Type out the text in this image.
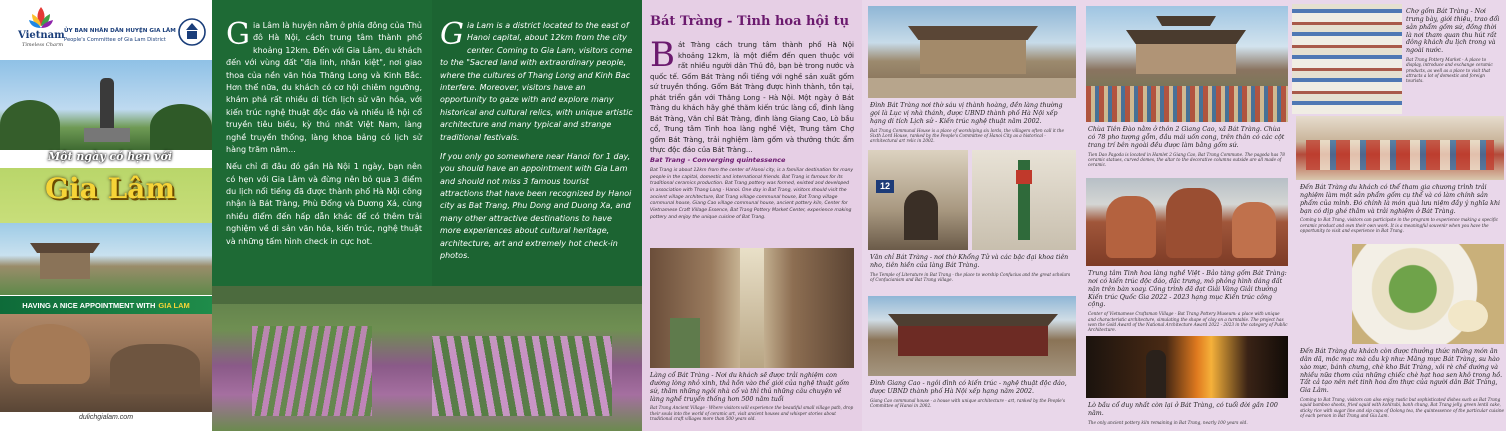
Vietnam
Timeless Charm
ỦY BAN NHÂN DÂN HUYỆN GIA LÂM
People's Committee of Gia Lam District
Một ngày có hẹn với
Gia Lâm
HAVING A NICE APPOINTMENT WITH GIA LAM
dulichgialam.com
Gia Lâm là huyện nằm ở phía đông của Thủ đô Hà Nội, cách trung tâm thành phố khoảng 12km. Đến với Gia Lâm, du khách đến với vùng đất "địa linh, nhân kiệt", nơi giao thoa của nền văn hóa Thăng Long và Kinh Bắc. Hơn thế nữa, du khách có cơ hội chiêm ngưỡng, khám phá rất nhiều di tích lịch sử văn hóa, với kiến trúc nghệ thuật độc đáo và nhiều lễ hội cổ truyền tiêu biểu, kỳ thú nhất Việt Nam, làng nghề truyền thống, làng khoa bảng có lịch sử hàng trăm năm...
Nếu chỉ đi đâu đó gần Hà Nội 1 ngày, bạn nên có hẹn với Gia Lâm và đừng nên bỏ qua 3 điểm du lịch nổi tiếng đã được thành phố Hà Nội công nhận là Bát Tràng, Phù Đổng và Dương Xá, cùng nhiều điểm đến hấp dẫn khác để có thêm trải nghiệm về di sản văn hóa, kiến trúc, nghệ thuật và những tấm hình check in cực hot.
Gia Lam is a district located to the east of Hanoi capital, about 12km from the city center. Coming to Gia Lam, visitors come to the "Sacred land with extraordinary people, where the cultures of Thang Long and Kinh Bac interfere. Moreover, visitors have an opportunity to gaze with and explore many historical and cultural relics, with unique artistic architecture and many typical and strange traditional festivals.
If you only go somewhere near Hanoi for 1 day, you should have an appointment with Gia Lam and should not miss 3 famous tourist attractions that have been recognized by Hanoi city as Bat Trang, Phu Dong and Duong Xa, and many other attractive destinations to have more experiences about cultural heritage, architecture, art and extremely hot check-in photos.
Bát Tràng - Tinh hoa hội tụ
Bát Tràng cách trung tâm thành phố Hà Nội khoảng 12km, là một điểm đến quen thuộc với rất nhiều người dân Thủ đô, bạn bè trong nước và quốc tế. Gốm Bát Tràng nổi tiếng với nghề sản xuất gốm sứ truyền thống. Gốm Bát Tràng được hình thành, tồn tại, phát triển gắn với Thăng Long - Hà Nội. Một ngày ở Bát Tràng du khách hãy ghé thăm kiến trúc làng cổ, đình làng Bát Tràng, Văn chỉ Bát Tràng, đình làng Giang Cao, Lò bầu cổ, Trung tâm Tinh hoa làng nghề Việt, Trung tâm Chợ gốm Bát Tràng, trải nghiệm làm gốm và thưởng thức ẩm thực độc đáo của Bát Tràng...
Bat Trang - Converging quintessence
Bat Trang is about 12km from the center of Hanoi city, is a familiar destination for many people in the capital, domestic and international friends. Bat Trang is famous for its traditional ceramics production. Bat Trang pottery was formed, existed and developed in association with Thang Long - Hanoi. One day in Bat Trang, visitors should visit the ancient village architecture, Bat Trang village communal house, Bat Trang village communal house, Giang Cao village communal house, ancient pottery kiln, Center for Vietnamese Craft Village Essence, Bat Trang Pottery Market Center, experience making pottery and enjoy the unique cuisine of Bat Trang.
Làng cổ Bát Tràng - Nơi du khách sẽ được trải nghiệm con đường lòng nhỏ xinh, thả hồn vào thế giới của nghệ thuật gốm sứ, thăm những ngôi nhà cổ và thì thủ những câu chuyện về làng nghề truyền thống hơn 500 năm tuổi
Bat Trang Ancient Village - Where visitors will experience the beautiful small village path, drop their souls into the world of ceramic art, visit ancient houses and whisper stories about traditional craft villages more than 500 years old.
Đình Bát Tràng nơi thờ sáu vị thành hoàng, đền làng thường gọi là Lục vị nhà thánh, được UBND thành phố Hà Nội xếp hạng di tích Lịch sử - Kiến trúc nghệ thuật năm 2002.
Bat Trang Communal House is a place of worshiping six lords, the villagers often call it the Sixth Lord House, ranked by the People's Committee of Hanoi City as a historical - architectural art relic in 2002.
12
Văn chỉ Bát Tràng - nơi thờ Khổng Tử và các bậc đại khoa tiên nho, tiên hiền của làng Bát Tràng.
The Temple of Literature in Bat Trang - the place to worship Confucius and the great scholars of Confucianism and Bat Trang village.
Đình Giang Cao - ngôi đình có kiến trúc - nghệ thuật độc đáo, được UBND thành phố Hà Nội xếp hạng năm 2002.
Giang Cao communal house - a house with unique architecture - art, ranked by the People's Committee of Hanoi in 2002.
Chùa Tiên Đào nằm ở thôn 2 Giang Cao, xã Bát Tràng. Chùa có 78 pho tượng gỗm, đầu mái uốn cong, trên thân có các cột trang trí bên ngoài đều được làm bằng gốm sứ.
Tien Dao Pagoda is located in Hamlet 2 Giang Cao, Bat Trang Commune. The pagoda has 78 ceramic statues, curved domes, the altar to the decorative columns outside are all made of ceramic.
Trung tâm Tinh hoa làng nghề Việt - Bảo tàng gốm Bát Tràng: nơi có kiến trúc độc đáo, đặc trưng, mô phỏng hình dáng đất nặn trên bàn xoay. Công trình đã đạt Giải Vàng Giải thưởng Kiến trúc Quốc Gia 2022 - 2023 hạng mục Kiến trúc công cộng.
Center of Vietnamese Craftsman Village - Bat Trang Pottery Museum: a place with unique and characteristic architecture, simulating the shape of clay on a turntable. The project has won the Gold Award of the National Architecture Award 2022 - 2023 in the category of Public Architecture.
Lò bầu cổ duy nhất còn lại ở Bát Tràng, có tuổi đời gần 100 năm.
The only ancient pottery kiln remaining in Bat Trang, nearly 100 years old.
Chợ gốm Bát Tràng - Nơi trưng bày, giới thiệu, trao đổi sản phẩm gốm sứ, đồng thời là nơi tham quan thu hút rất đông khách du lịch trong và ngoài nước.
Bat Trang Pottery Market - A place to display, introduce and exchange ceramic products, as well as a place to visit that attracts a lot of domestic and foreign tourists.
Đến Bát Tràng du khách có thể tham gia chương trình trải nghiệm làm một sản phẩm gốm cụ thể và có làm chính sản phẩm của mình. Đó chính là món quà lưu niệm đầy ý nghĩa khi bạn có dịp ghé thăm và trải nghiệm ở Bát Tràng.
Coming to Bat Trang, visitors can participate in the program to experience making a specific ceramic product and own their own work. It is a meaningful souvenir when you have the opportunity to visit and experience in Bat Trang.
Đến Bát Tràng du khách còn được thưởng thức những món ăn dân dã, mộc mạc mà cầu kỳ như: Măng mực Bát Tràng, su hào xào mực, bánh chưng, chè kho Bát Tràng, xôi rè chế dướng và nhiều nữa thơm của những chiếc chè hạt hoa sen khô trong hồ. Tất cả tạo nên nét tinh hoa ẩm thực của người dân Bát Tràng, Gia Lâm.
Coming to Bat Trang, visitors can also enjoy rustic but sophisticated dishes such as Bat Trang squid bamboo shoots, fried squid with kohlrabi, banh chung, Bat Trang jelly, green lentil cake, sticky rice with sugar line and sip cups of Oolong tea, the quintessence of the particular cuisine of each person in Bat Trang and Gia Lam.
